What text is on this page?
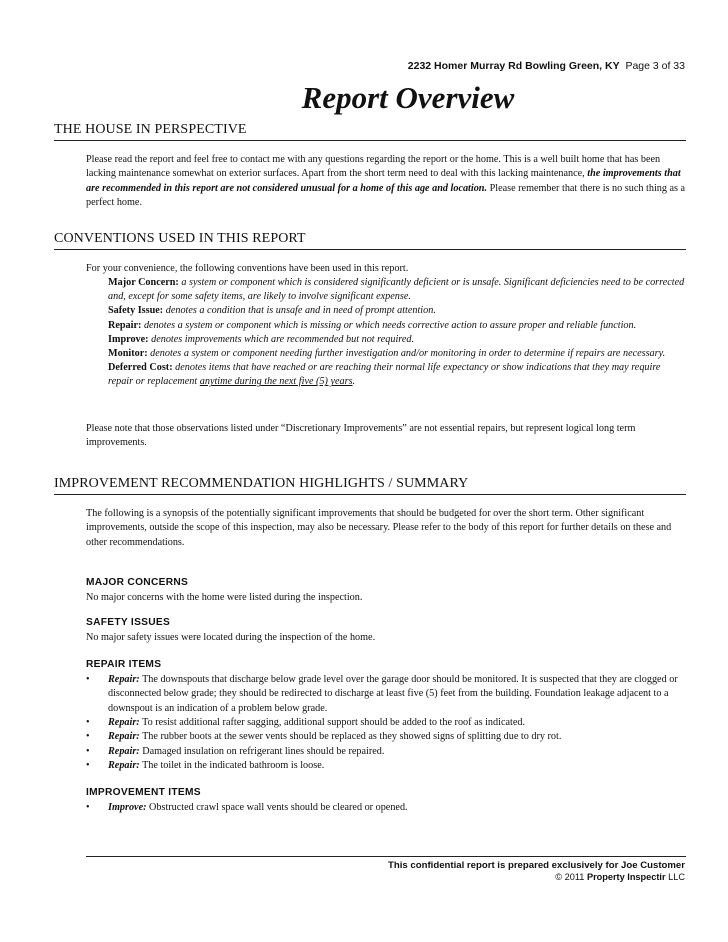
2232 Homer Murray Rd Bowling Green, KY Page 3 of 33
Report Overview
THE HOUSE IN PERSPECTIVE
Please read the report and feel free to contact me with any questions regarding the report or the home. This is a well built home that has been lacking maintenance somewhat on exterior surfaces. Apart from the short term need to deal with this lacking maintenance, the improvements that are recommended in this report are not considered unusual for a home of this age and location. Please remember that there is no such thing as a perfect home.
CONVENTIONS USED IN THIS REPORT
For your convenience, the following conventions have been used in this report.
Major Concern: a system or component which is considered significantly deficient or is unsafe. Significant deficiencies need to be corrected and, except for some safety items, are likely to involve significant expense.
Safety Issue: denotes a condition that is unsafe and in need of prompt attention.
Repair: denotes a system or component which is missing or which needs corrective action to assure proper and reliable function.
Improve: denotes improvements which are recommended but not required.
Monitor: denotes a system or component needing further investigation and/or monitoring in order to determine if repairs are necessary.
Deferred Cost: denotes items that have reached or are reaching their normal life expectancy or show indications that they may require repair or replacement anytime during the next five (5) years.
Please note that those observations listed under “Discretionary Improvements” are not essential repairs, but represent logical long term improvements.
IMPROVEMENT RECOMMENDATION HIGHLIGHTS / SUMMARY
The following is a synopsis of the potentially significant improvements that should be budgeted for over the short term. Other significant improvements, outside the scope of this inspection, may also be necessary. Please refer to the body of this report for further details on these and other recommendations.
MAJOR CONCERNS
No major concerns with the home were listed during the inspection.
SAFETY ISSUES
No major safety issues were located during the inspection of the home.
REPAIR ITEMS
• Repair: The downspouts that discharge below grade level over the garage door should be monitored. It is suspected that they are clogged or disconnected below grade; they should be redirected to discharge at least five (5) feet from the building. Foundation leakage adjacent to a downspout is an indication of a problem below grade.
• Repair: To resist additional rafter sagging, additional support should be added to the roof as indicated.
• Repair: The rubber boots at the sewer vents should be replaced as they showed signs of splitting due to dry rot.
• Repair: Damaged insulation on refrigerant lines should be repaired.
• Repair: The toilet in the indicated bathroom is loose.
IMPROVEMENT ITEMS
• Improve: Obstructed crawl space wall vents should be cleared or opened.
This confidential report is prepared exclusively for Joe Customer
© 2011 Property Inspectir LLC
